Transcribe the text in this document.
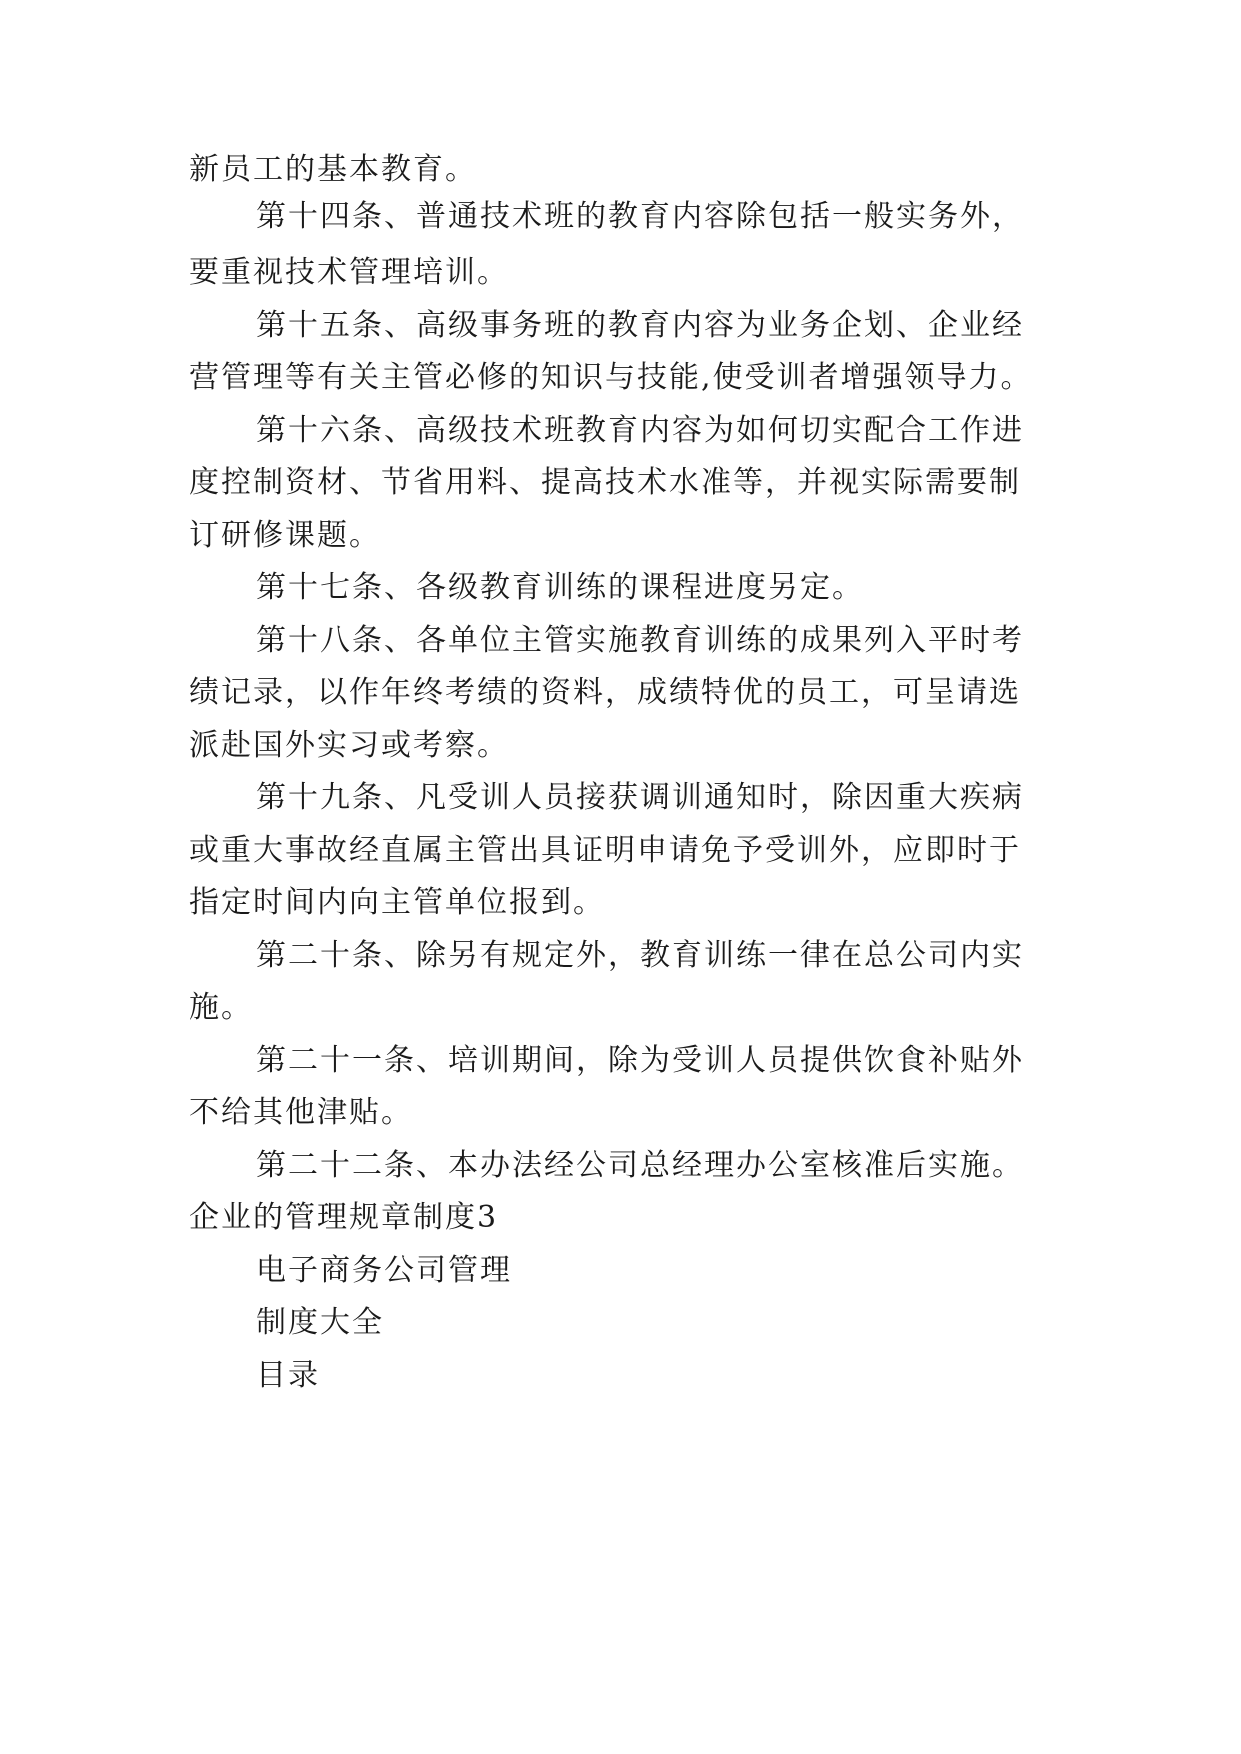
新员工的基本教育。
第十四条、普通技术班的教育内容除包括一般实务外，
要重视技术管理培训。
第十五条、高级事务班的教育内容为业务企划、企业经
营管理等有关主管必修的知识与技能,使受训者增强领导力。
第十六条、高级技术班教育内容为如何切实配合工作进
度控制资材、节省用料、提高技术水准等，并视实际需要制
订研修课题。
第十七条、各级教育训练的课程进度另定。
第十八条、各单位主管实施教育训练的成果列入平时考
绩记录，以作年终考绩的资料，成绩特优的员工，可呈请选
派赴国外实习或考察。
第十九条、凡受训人员接获调训通知时，除因重大疾病
或重大事故经直属主管出具证明申请免予受训外，应即时于
指定时间内向主管单位报到。
第二十条、除另有规定外，教育训练一律在总公司内实
施。
第二十一条、培训期间，除为受训人员提供饮食补贴外
不给其他津贴。
第二十二条、本办法经公司总经理办公室核准后实施。
企业的管理规章制度3
电子商务公司管理
制度大全
目录
